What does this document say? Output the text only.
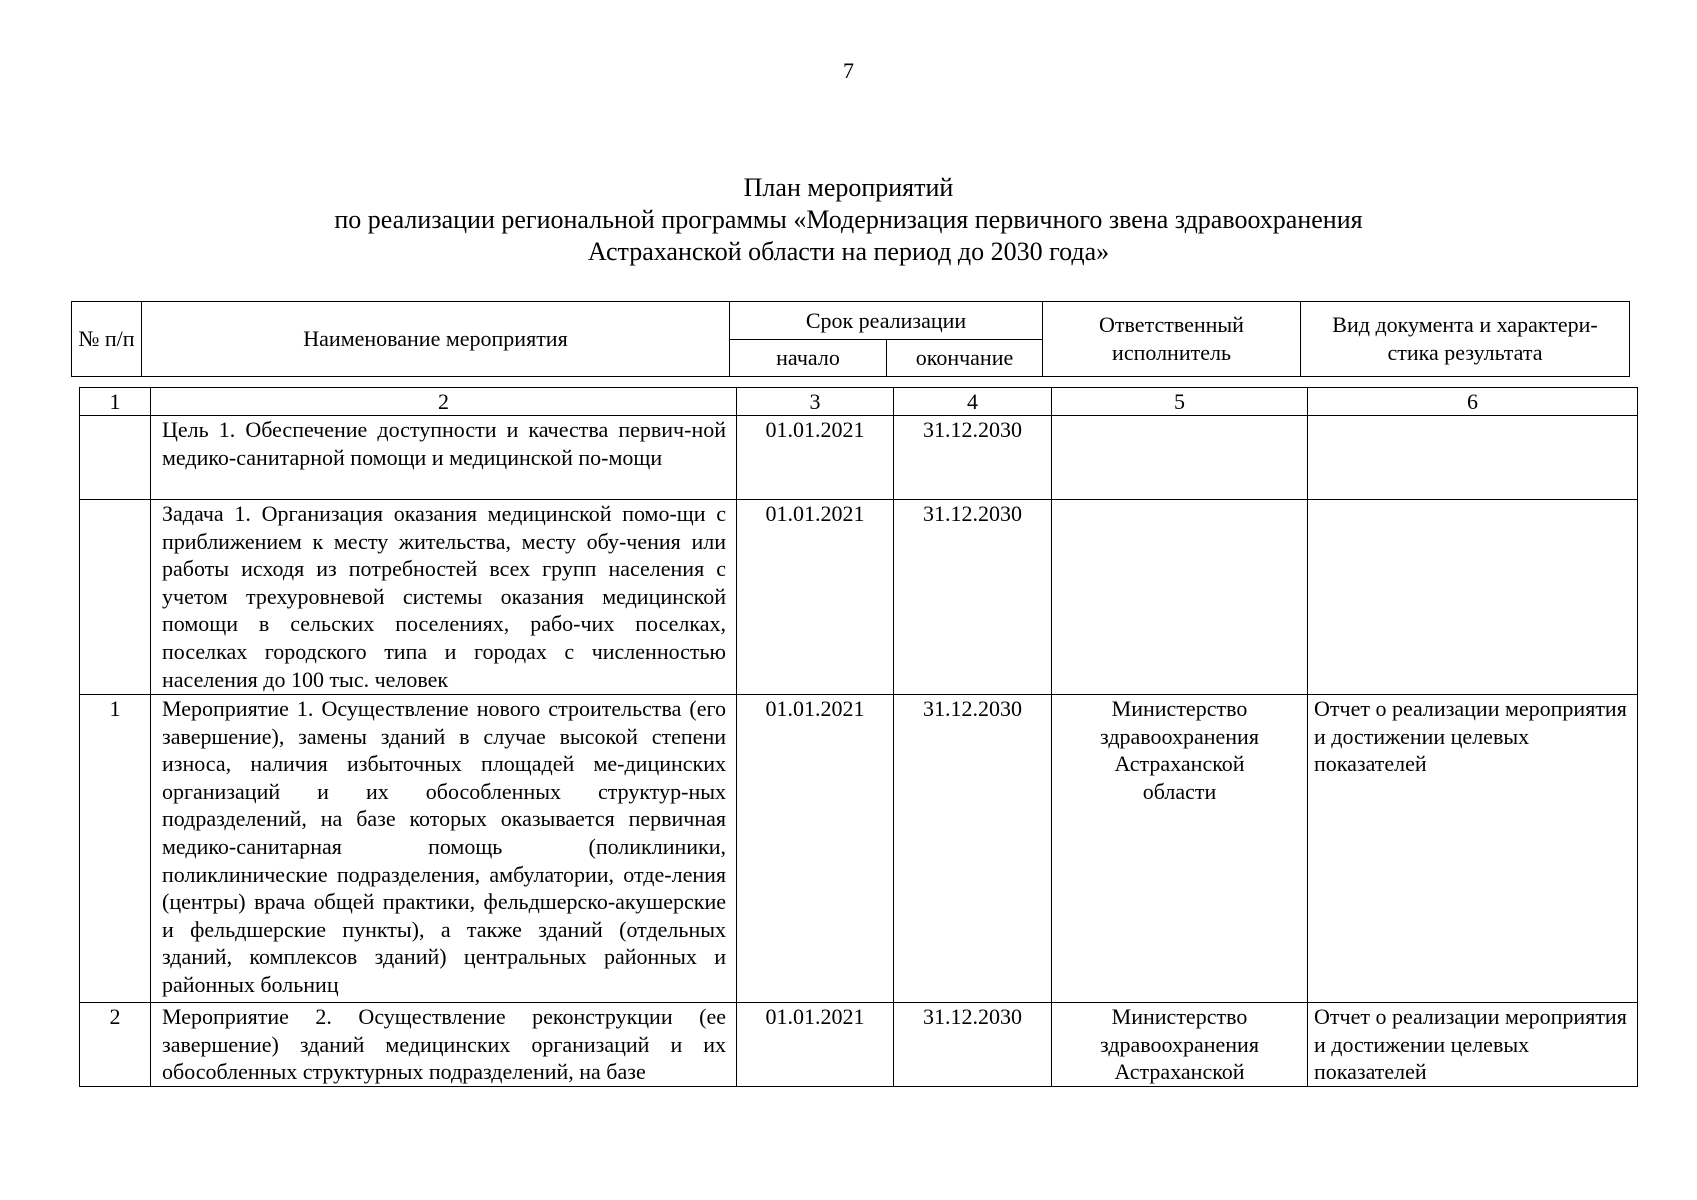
7
План мероприятий
по реализации региональной программы «Модернизация первичного звена здравоохранения
Астраханской области на период до 2030 года»
№ п/п	Наименование мероприятия	Срок реализации		Ответственный исполнитель	Вид документа и характери-стика результата
		начало	окончание		
1	2	3	4	5	6
	Цель 1. Обеспечение доступности и качества первич-ной медико-санитарной помощи и медицинской по-мощи	01.01.2021	31.12.2030		
	Задача 1. Организация оказания медицинской помо-щи с приближением к месту жительства, месту обу-чения или работы исходя из потребностей всех групп населения с учетом трехуровневой системы оказания медицинской помощи в сельских поселениях, рабо-чих поселках, поселках городского типа и городах с численностью населения до 100 тыс. человек	01.01.2021	31.12.2030		
1	Мероприятие 1. Осуществление нового строительства (его завершение), замены зданий в случае высокой степени износа, наличия избыточных площадей ме-дицинских организаций и их обособленных структур-ных подразделений, на базе которых оказывается первичная медико-санитарная помощь (поликлиники, поликлинические подразделения, амбулатории, отде-ления (центры) врача общей практики, фельдшерско-акушерские и фельдшерские пункты), а также зданий (отдельных зданий, комплексов зданий) центральных районных и районных больниц	01.01.2021	31.12.2030	Министерство здравоохранения Астраханской области	Отчет о реализации мероприятия и достижении целевых показателей
2	Мероприятие 2. Осуществление реконструкции (ее завершение) зданий медицинских организаций и их обособленных структурных подразделений, на базе	01.01.2021	31.12.2030	Министерство здравоохранения Астраханской	Отчет о реализации мероприятия и достижении целевых показателей
